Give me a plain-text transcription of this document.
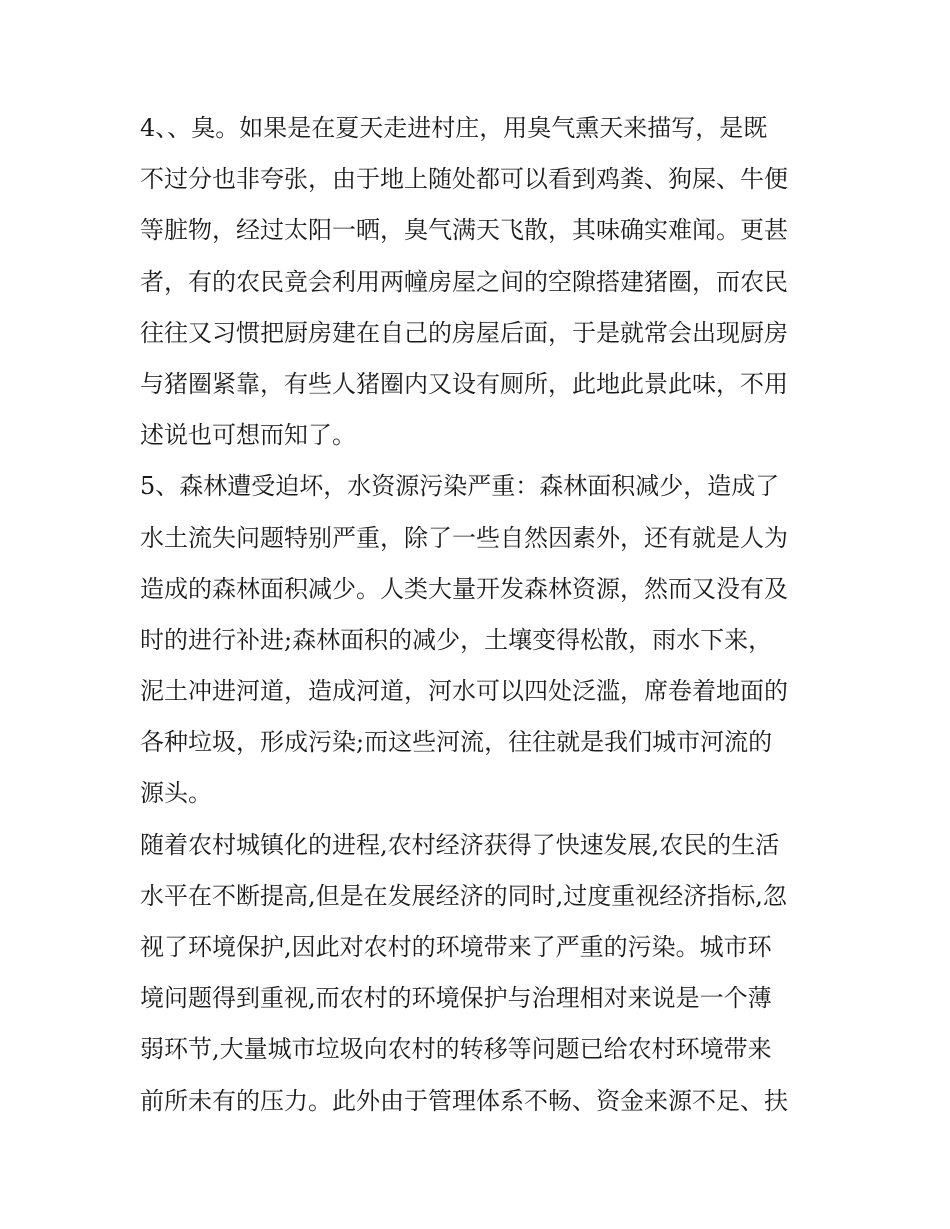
4、、臭。如果是在夏天走进村庄，用臭气熏天来描写，是既
不过分也非夸张，由于地上随处都可以看到鸡粪、狗屎、牛便
等脏物，经过太阳一晒，臭气满天飞散，其味确实难闻。更甚
者，有的农民竟会利用两幢房屋之间的空隙搭建猪圈，而农民
往往又习惯把厨房建在自己的房屋后面，于是就常会出现厨房
与猪圈紧靠，有些人猪圈内又设有厕所，此地此景此味，不用
述说也可想而知了。
5、森林遭受迫坏，水资源污染严重：森林面积减少，造成了
水土流失问题特别严重，除了一些自然因素外，还有就是人为
造成的森林面积减少。人类大量开发森林资源，然而又没有及
时的进行补进;森林面积的减少，土壤变得松散，雨水下来，
泥土冲进河道，造成河道，河水可以四处泛滥，席卷着地面的
各种垃圾，形成污染;而这些河流，往往就是我们城市河流的
源头。
随着农村城镇化的进程,农村经济获得了快速发展,农民的生活
水平在不断提高,但是在发展经济的同时,过度重视经济指标,忽
视了环境保护,因此对农村的环境带来了严重的污染。城市环
境问题得到重视,而农村的环境保护与治理相对来说是一个薄
弱环节,大量城市垃圾向农村的转移等问题已给农村环境带来
前所未有的压力。此外由于管理体系不畅、资金来源不足、扶
